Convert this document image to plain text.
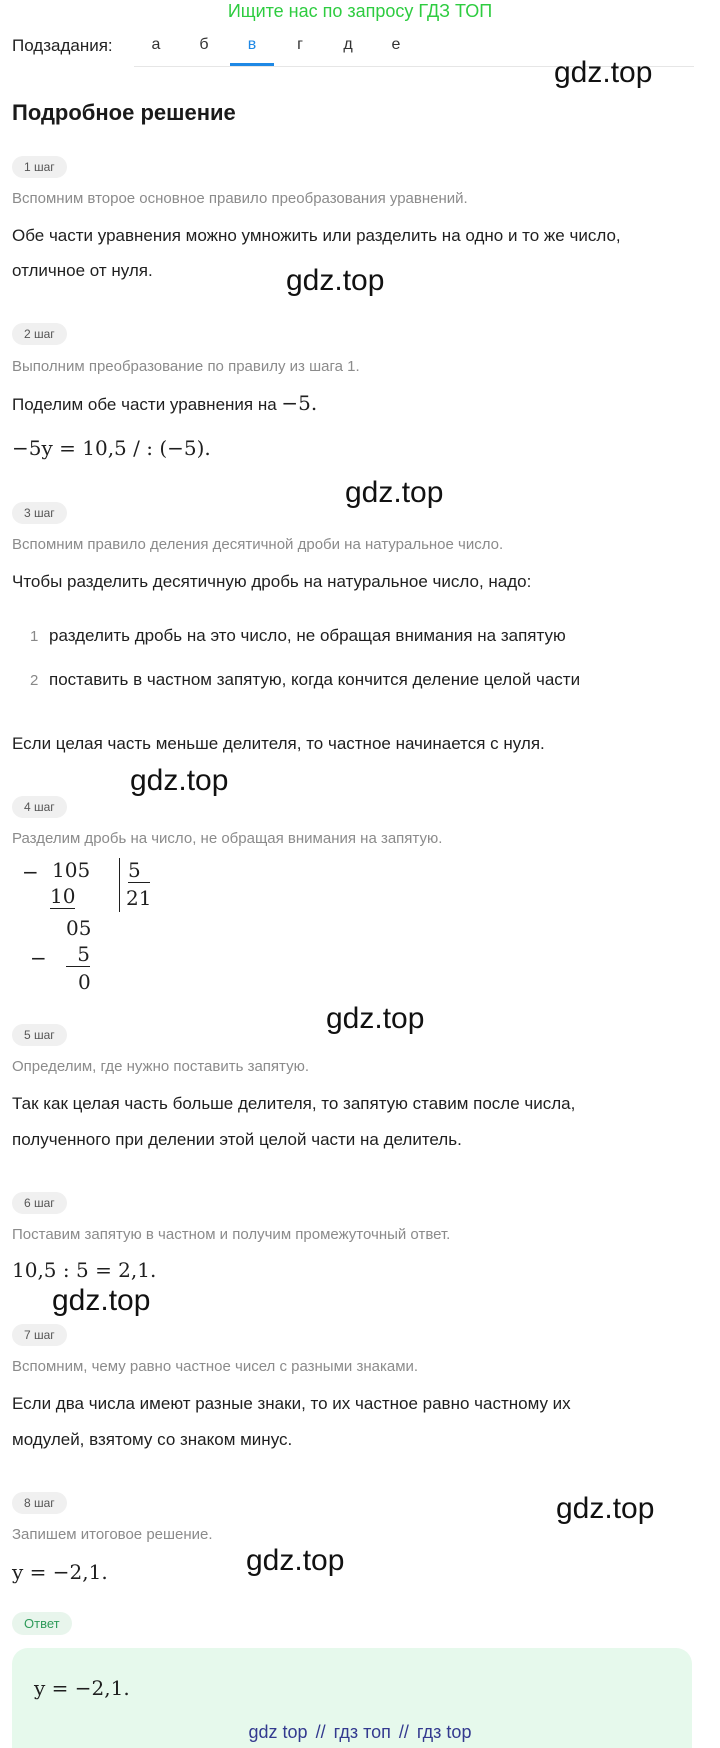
Ищите нас по запросу ГДЗ ТОП
Подзадания:	а	б	в	г	д	е
gdz.top
gdz.top
gdz.top
gdz.top
gdz.top
gdz.top
gdz.top
gdz.top
Подробное решение
1 шаг
Вспомним второе основное правило преобразования уравнений.
Обе части уравнения можно умножить или разделить на одно и то же число,
отличное от нуля.
2 шаг
Выполним преобразование по правилу из шага 1.
Поделим обе части уравнения на −5.
−5y = 10,5 / : (−5).
3 шаг
Вспомним правило деления десятичной дроби на натуральное число.
Чтобы разделить десятичную дробь на натуральное число, надо:
1 разделить дробь на это число, не обращая внимания на запятую
2 поставить в частном запятую, когда кончится деление целой части
Если целая часть меньше делителя, то частное начинается с нуля.
4 шаг
Разделим дробь на число, не обращая внимания на запятую.
− 105
10
5
21
05
−	5
0
5 шаг
Определим, где нужно поставить запятую.
Так как целая часть больше делителя, то запятую ставим после числа,
полученного при делении этой целой части на делитель.
6 шаг
Поставим запятую в частном и получим промежуточный ответ.
10,5 : 5 = 2,1.
7 шаг
Вспомним, чему равно частное чисел с разными знаками.
Если два числа имеют разные знаки, то их частное равно частному их
модулей, взятому со знаком минус.
8 шаг
Запишем итоговое решение.
y = −2,1.
Ответ
y = −2,1.
gdz top // гдз топ // гдз top
